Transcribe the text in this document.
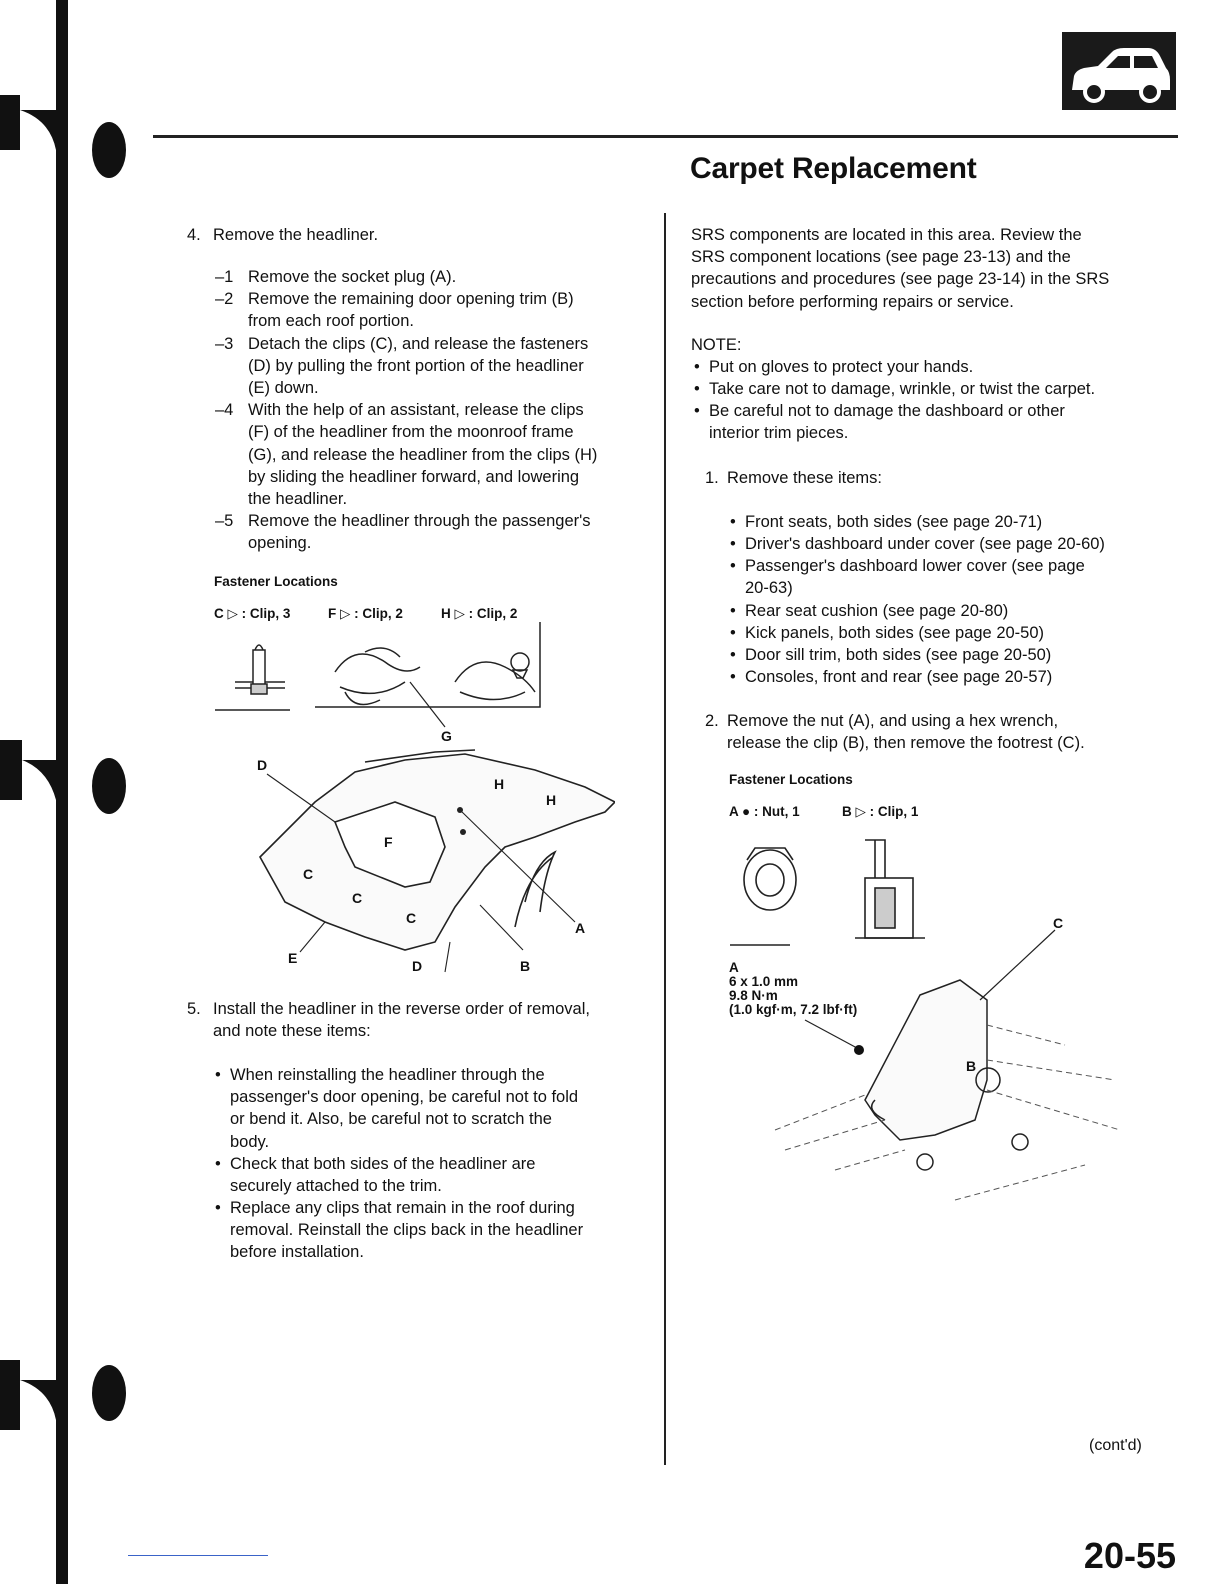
Carpet Replacement
4. Remove the headliner.
–1 Remove the socket plug (A).
–2 Remove the remaining door opening trim (B)
from each roof portion.
–3 Detach the clips (C), and release the fasteners
(D) by pulling the front portion of the headliner
(E) down.
–4 With the help of an assistant, release the clips
(F) of the headliner from the moonroof frame
(G), and release the headliner from the clips (H)
by sliding the headliner forward, and lowering
the headliner.
–5 Remove the headliner through the passenger's
opening.
Fastener Locations
C ▷ : Clip, 3	F ▷ : Clip, 2	H ▷ : Clip, 2
G
D
H
H
F
C
C
C
A
E	D	B
5. Install the headliner in the reverse order of removal,
and note these items:
• When reinstalling the headliner through the
passenger's door opening, be careful not to fold
or bend it. Also, be careful not to scratch the
body.
• Check that both sides of the headliner are
securely attached to the trim.
• Replace any clips that remain in the roof during
removal. Reinstall the clips back in the headliner
before installation.
SRS components are located in this area. Review the
SRS component locations (see page 23-13) and the
precautions and procedures (see page 23-14) in the SRS
section before performing repairs or service.
NOTE:
• Put on gloves to protect your hands.
• Take care not to damage, wrinkle, or twist the carpet.
• Be careful not to damage the dashboard or other
interior trim pieces.
1. Remove these items:
• Front seats, both sides (see page 20-71)
• Driver's dashboard under cover (see page 20-60)
• Passenger's dashboard lower cover (see page
20-63)
• Rear seat cushion (see page 20-80)
• Kick panels, both sides (see page 20-50)
• Door sill trim, both sides (see page 20-50)
• Consoles, front and rear (see page 20-57)
2. Remove the nut (A), and using a hex wrench,
release the clip (B), then remove the footrest (C).
Fastener Locations
A ● : Nut, 1	B ▷ : Clip, 1
C
B
A
6 x 1.0 mm
9.8 N·m
(1.0 kgf·m, 7.2 lbf·ft)
(cont'd)
20-55
